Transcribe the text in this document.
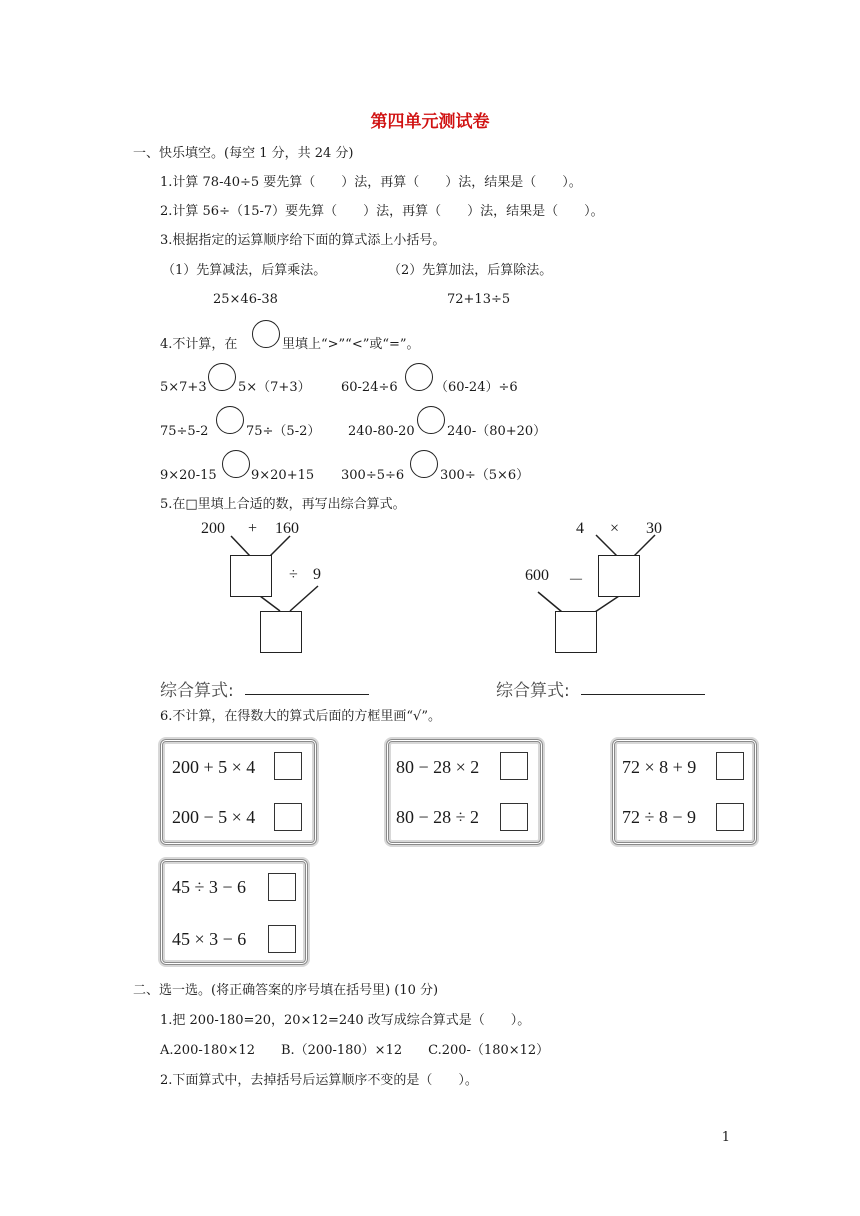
第四单元测试卷
一、快乐填空。(每空 1 分，共 24 分)
1.计算 78-40÷5 要先算（　　）法，再算（　　）法，结果是（　　）。
2.计算 56÷（15-7）要先算（　　）法，再算（　　）法，结果是（　　）。
3.根据指定的运算顺序给下面的算式添上小括号。
（1）先算减法，后算乘法。	（2）先算加法，后算除法。
25×46-38	72+13÷5
4.不计算，在	里填上“>”“<”或“=”。
5×7+3 5×（7+3） 60-24÷6	（60-24）÷6
75÷5-2	75÷（5-2） 240-80-20 240-（80+20）
9×20-15	9×20+15 300÷5÷6	300÷（5×6）
5.在□里填上合适的数，再写出综合算式。
200 + 160
÷ 9
4 × 30
600 －
综合算式:	综合算式:
6.不计算，在得数大的算式后面的方框里画“√”。
200 + 5 × 4
200 − 5 × 4
80 − 28 × 2
80 − 28 ÷ 2
72 × 8 + 9
72 ÷ 8 − 9
45 ÷ 3 − 6
45 × 3 − 6
二、选一选。(将正确答案的序号填在括号里) (10 分)
1.把 200-180=20，20×12=240 改写成综合算式是（　　）。
A.200-180×12　　B.（200-180）×12　　C.200-（180×12）
2.下面算式中，去掉括号后运算顺序不变的是（　　）。
1
